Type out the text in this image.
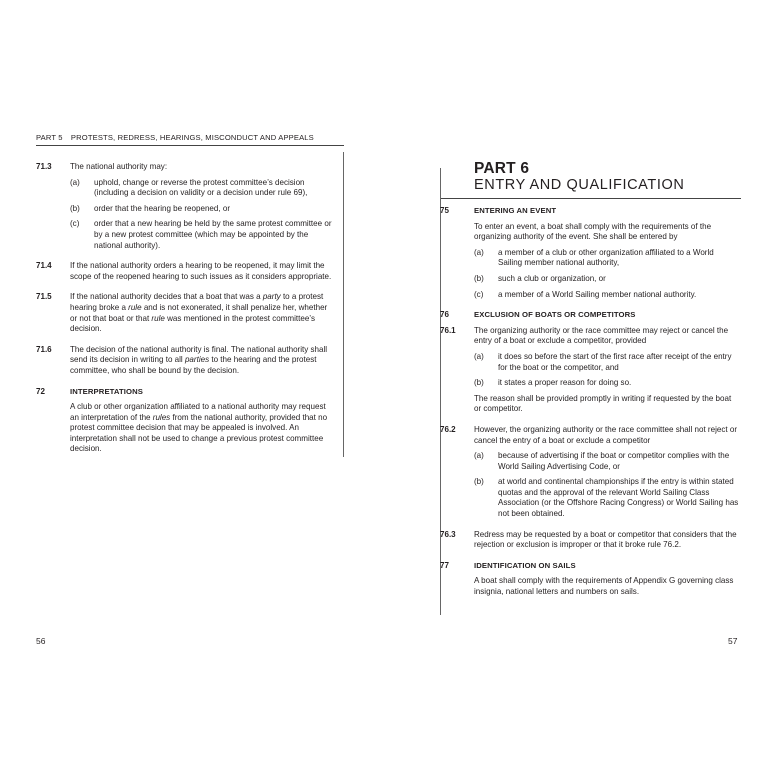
PART 5 PROTESTS, REDRESS, HEARINGS, MISCONDUCT AND APPEALS
71.3	The national authority may:

(a)	uphold, change or reverse the protest committee’s decision (including a decision on validity or a decision under rule 69),
(b)	order that the hearing be reopened, or
(c)	order that a new hearing be held by the same protest committee or by a new protest committee (which may be appointed by the national authority).
71.4	If the national authority orders a hearing to be reopened, it may limit the scope of the reopened hearing to such issues as it considers appropriate.

71.5	If the national authority decides that a boat that was a party to a protest hearing broke a rule and is not exonerated, it shall penalize her, whether or not that boat or that rule was mentioned in the protest committee’s decision.

71.6	The decision of the national authority is final. The national authority shall send its decision in writing to all parties to the hearing and the protest committee, who shall be bound by the decision.

72	INTERPRETATIONS

A club or other organization affiliated to a national authority may request an interpretation of the rules from the national authority, provided that no protest committee decision that may be appealed is involved. An interpretation shall not be used to change a previous protest committee decision.

PART 6
ENTRY AND QUALIFICATION
75	ENTERING AN EVENT

To enter an event, a boat shall comply with the requirements of the organizing authority of the event. She shall be entered by

(a)	a member of a club or other organization affiliated to a World Sailing member national authority,
(b)	such a club or organization, or
(c)	a member of a World Sailing member national authority.
76	EXCLUSION OF BOATS OR COMPETITORS
76.1	The organizing authority or the race committee may reject or cancel the entry of a boat or exclude a competitor, provided

(a)	it does so before the start of the first race after receipt of the entry for the boat or the competitor, and
(b)	it states a proper reason for doing so.

The reason shall be provided promptly in writing if requested by the boat or competitor.

76.2	However, the organizing authority or the race committee shall not reject or cancel the entry of a boat or exclude a competitor

(a)	because of advertising if the boat or competitor complies with the World Sailing Advertising Code, or
(b)	at world and continental championships if the entry is within stated quotas and the approval of the relevant World Sailing Class Association (or the Offshore Racing Congress) or World Sailing has not been obtained.
76.3	Redress may be requested by a boat or competitor that considers that the rejection or exclusion is improper or that it broke rule 76.2.

77	IDENTIFICATION ON SAILS

A boat shall comply with the requirements of Appendix G governing class insignia, national letters and numbers on sails.

56	57
